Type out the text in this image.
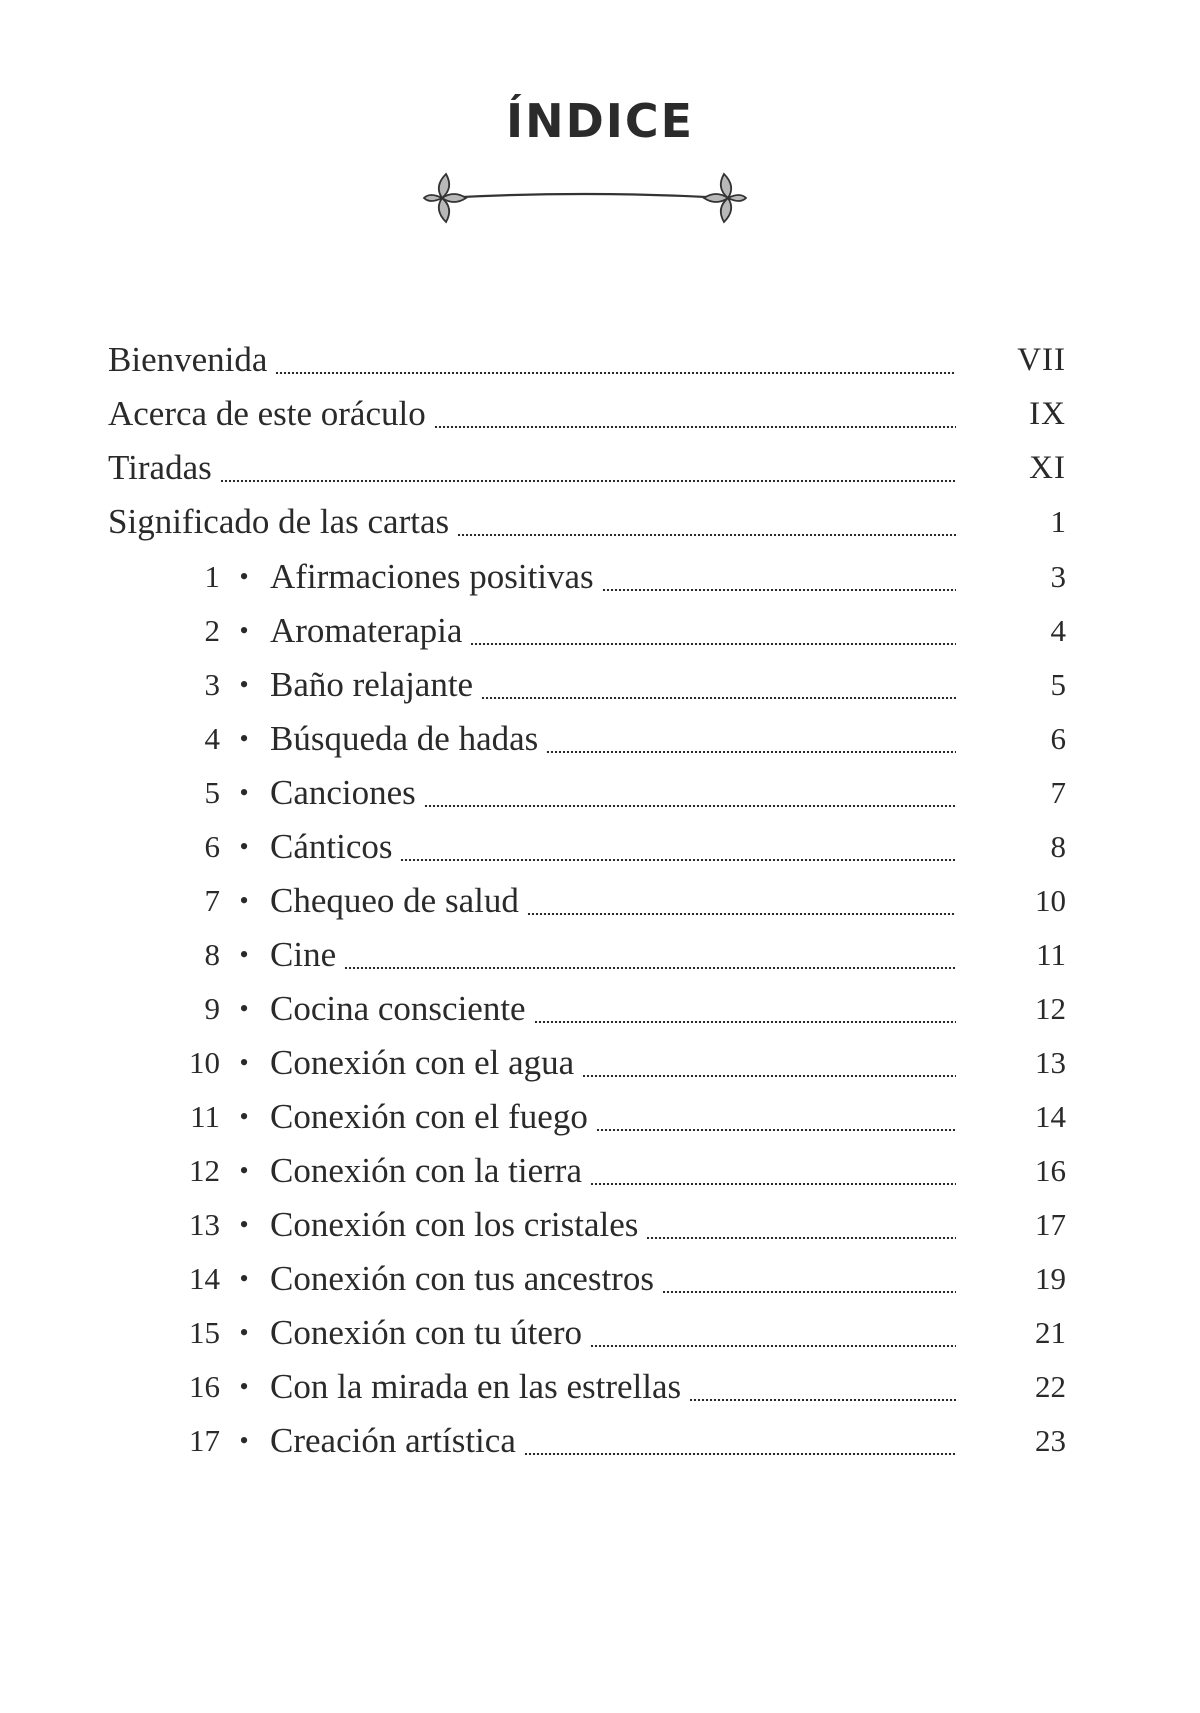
ÍNDICE
Bienvenida	VII
Acerca de este oráculo	IX
Tiradas	XI
Significado de las cartas	1
1 • Afirmaciones positivas	3
2 • Aromaterapia	4
3 • Baño relajante	5
4 • Búsqueda de hadas	6
5 • Canciones	7
6 • Cánticos	8
7 • Chequeo de salud	10
8 • Cine	11
9 • Cocina consciente	12
10 • Conexión con el agua	13
11 • Conexión con el fuego	14
12 • Conexión con la tierra	16
13 • Conexión con los cristales	17
14 • Conexión con tus ancestros	19
15 • Conexión con tu útero	21
16 • Con la mirada en las estrellas	22
17 • Creación artística	23
